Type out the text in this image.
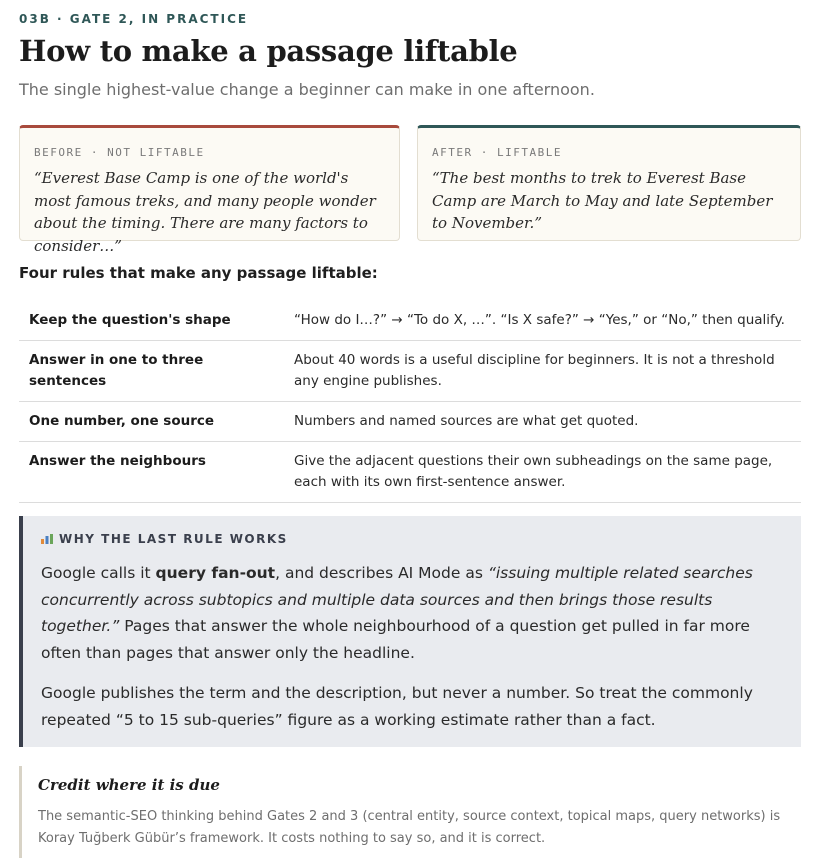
03B · GATE 2, IN PRACTICE
How to make a passage liftable

The single highest-value change a beginner can make in one afternoon.

BEFORE · NOT LIFTABLE
“Everest Base Camp is one of the world's most famous treks, and many people wonder about the timing. There are many factors to consider…”
AFTER · LIFTABLE
“The best months to trek to Everest Base Camp are March to May and late September to November.”
Four rules that make any passage liftable:
Keep the question's shape	“How do I…?” → “To do X, …”. “Is X safe?” → “Yes,” or “No,” then qualify.
Answer in one to three sentences	About 40 words is a useful discipline for beginners. It is not a threshold any engine publishes.
One number, one source	Numbers and named sources are what get quoted.
Answer the neighbours	Give the adjacent questions their own subheadings on the same page, each with its own first-sentence answer.
WHY THE LAST RULE WORKS

Google calls it query fan-out, and describes AI Mode as “issuing multiple related searches concurrently across subtopics and multiple data sources and then brings those results together.” Pages that answer the whole neighbourhood of a question get pulled in far more often than pages that answer only the headline.

Google publishes the term and the description, but never a number. So treat the commonly repeated “5 to 15 sub-queries” figure as a working estimate rather than a fact.

Credit where it is due
The semantic-SEO thinking behind Gates 2 and 3 (central entity, source context, topical maps, query networks) is Koray Tuğberk Gübür’s framework. It costs nothing to say so, and it is correct.
